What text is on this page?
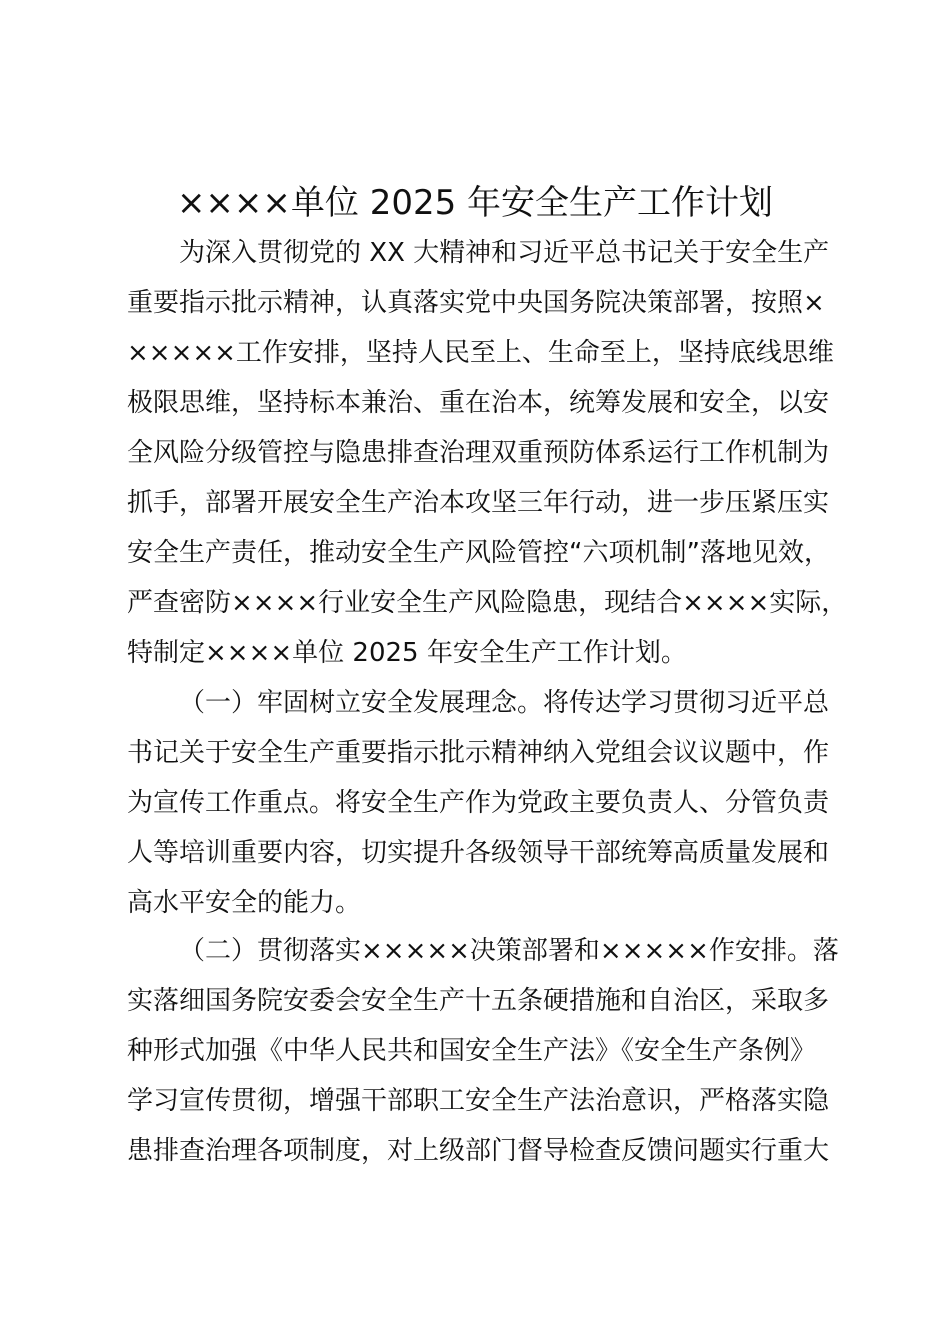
××××单位 2025 年安全生产工作计划
为深入贯彻党的 XX 大精神和习近平总书记关于安全生产
重要指示批示精神，认真落实党中央国务院决策部署，按照×
×××××工作安排，坚持人民至上、生命至上，坚持底线思维
极限思维，坚持标本兼治、重在治本，统筹发展和安全，以安
全风险分级管控与隐患排查治理双重预防体系运行工作机制为
抓手，部署开展安全生产治本攻坚三年行动，进一步压紧压实
安全生产责任，推动安全生产风险管控“六项机制”落地见效，
严查密防××××行业安全生产风险隐患，现结合××××实际，
特制定××××单位 2025 年安全生产工作计划。
（一）牢固树立安全发展理念。将传达学习贯彻习近平总
书记关于安全生产重要指示批示精神纳入党组会议议题中，作
为宣传工作重点。将安全生产作为党政主要负责人、分管负责
人等培训重要内容，切实提升各级领导干部统筹高质量发展和
高水平安全的能力。
（二）贯彻落实×××××决策部署和×××××作安排。落
实落细国务院安委会安全生产十五条硬措施和自治区，采取多
种形式加强《中华人民共和国安全生产法》《安全生产条例》
学习宣传贯彻，增强干部职工安全生产法治意识，严格落实隐
患排查治理各项制度，对上级部门督导检查反馈问题实行重大
